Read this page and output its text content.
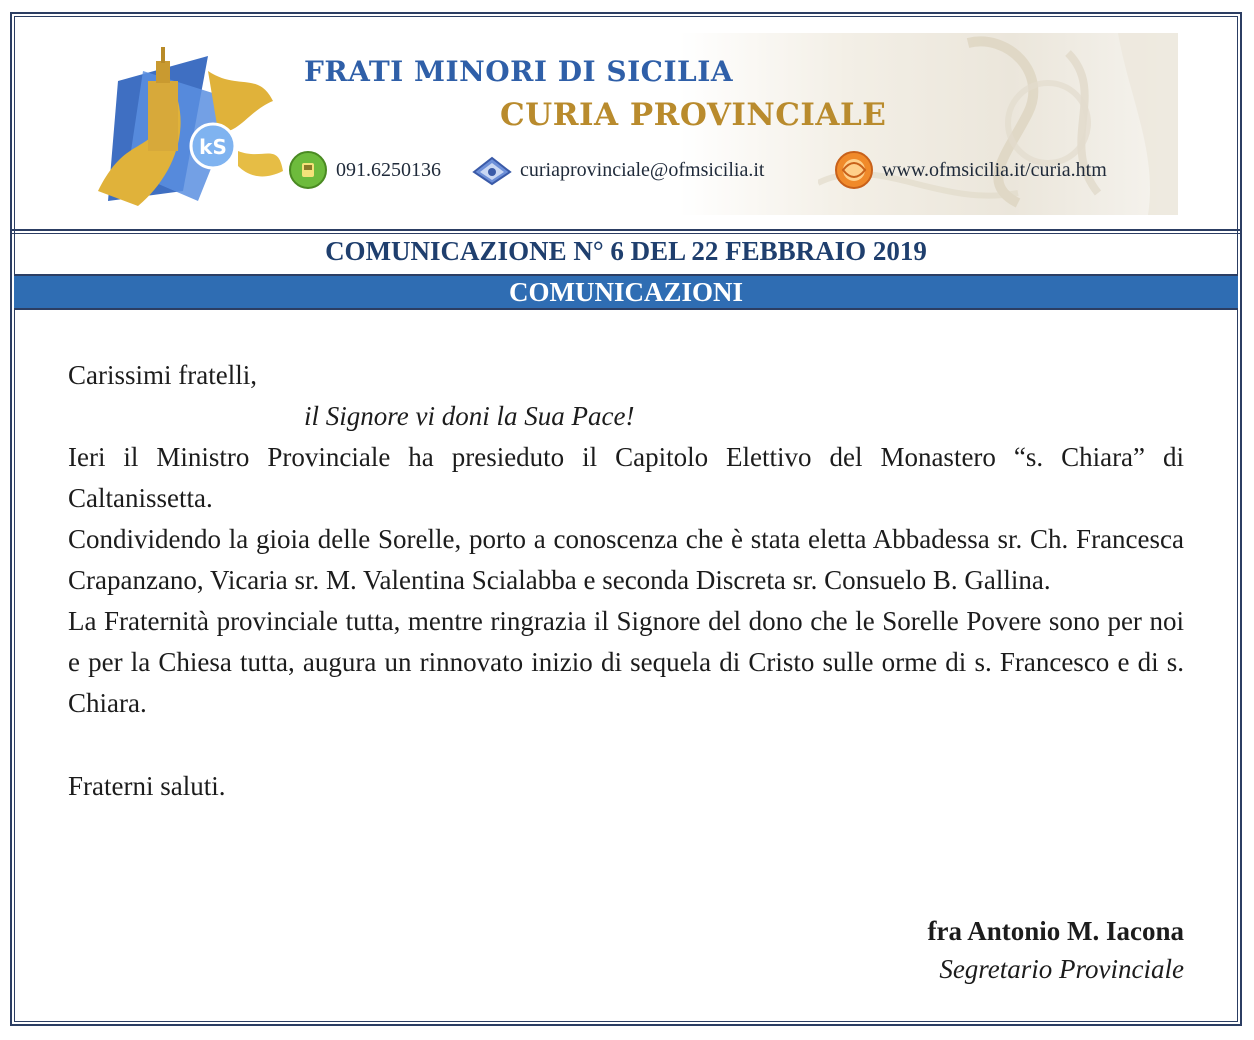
kS
FRATI MINORI DI SICILIA
CURIA PROVINCIALE
091.6250136	curiaprovinciale@ofmsicilia.it	www.ofmsicilia.it/curia.htm
COMUNICAZIONE N° 6 DEL 22 FEBBRAIO 2019
COMUNICAZIONI

Carissimi fratelli,

il Signore vi doni la Sua Pace!

Ieri il Ministro Provinciale ha presieduto il Capitolo Elettivo del Monastero “s. Chiara” di Caltanissetta.

Condividendo la gioia delle Sorelle, porto a conoscenza che è stata eletta Abbadessa sr. Ch. Francesca Crapanzano, Vicaria sr. M. Valentina Scialabba e seconda Discreta sr. Consuelo B. Gallina.

La Fraternità provinciale tutta, mentre ringrazia il Signore del dono che le Sorelle Povere sono per noi e per la Chiesa tutta, augura un rinnovato inizio di sequela di Cristo sulle orme di s. Francesco e di s. Chiara.

Fraterni saluti.

fra Antonio M. Iacona
Segretario Provinciale
